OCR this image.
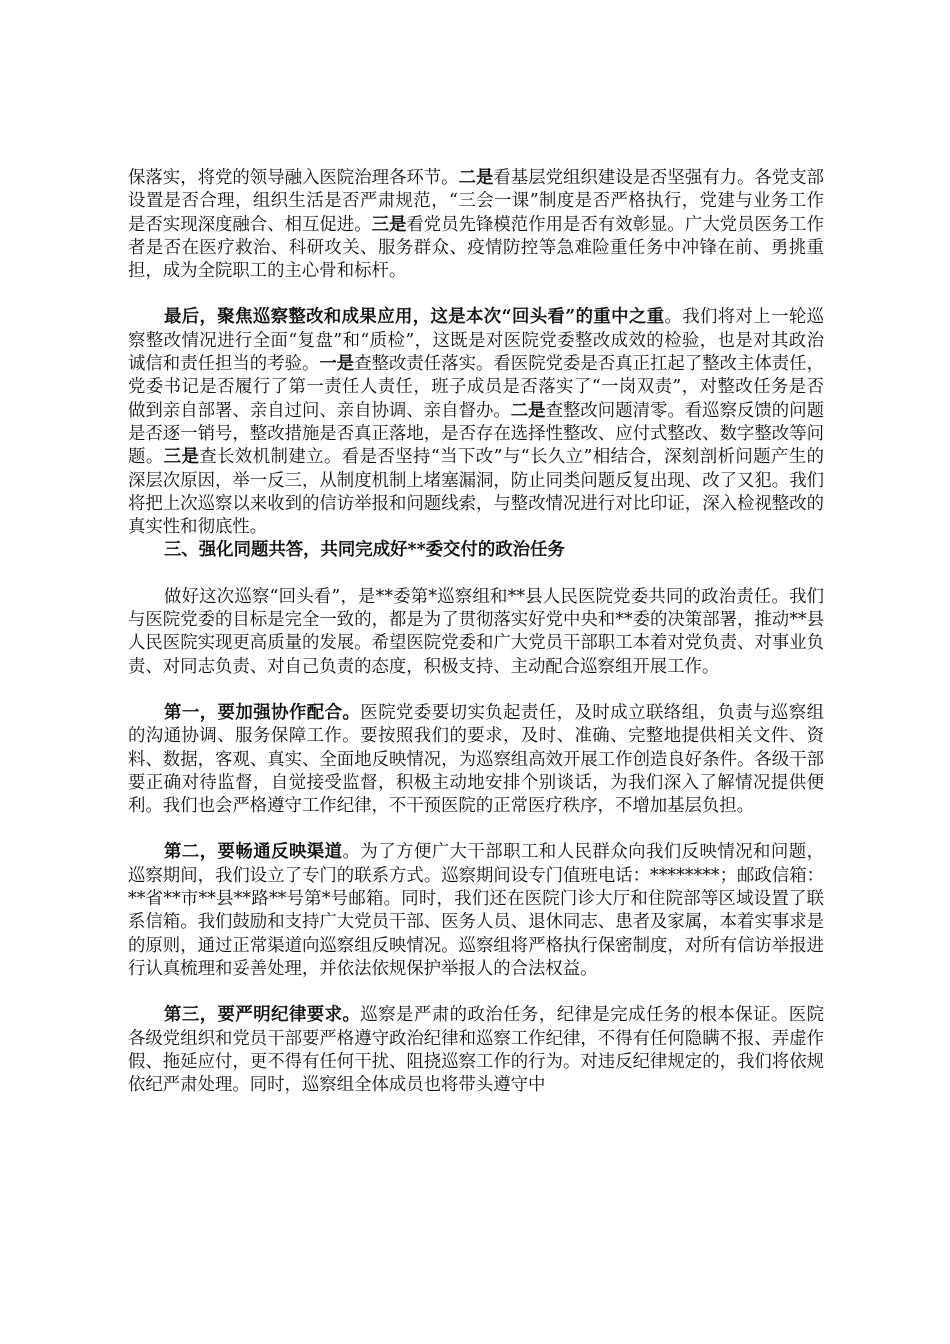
保落实，将党的领导融入医院治理各环节。二是看基层党组织建设是否坚强有力。各党支部设置是否合理，组织生活是否严肃规范，“三会一课”制度是否严格执行，党建与业务工作是否实现深度融合、相互促进。三是看党员先锋模范作用是否有效彰显。广大党员医务工作者是否在医疗救治、科研攻关、服务群众、疫情防控等急难险重任务中冲锋在前、勇挑重担，成为全院职工的主心骨和标杆。

最后，聚焦巡察整改和成果应用，这是本次“回头看”的重中之重。我们将对上一轮巡察整改情况进行全面“复盘”和“质检”，这既是对医院党委整改成效的检验，也是对其政治诚信和责任担当的考验。一是查整改责任落实。看医院党委是否真正扛起了整改主体责任，党委书记是否履行了第一责任人责任，班子成员是否落实了“一岗双责”，对整改任务是否做到亲自部署、亲自过问、亲自协调、亲自督办。二是查整改问题清零。看巡察反馈的问题是否逐一销号，整改措施是否真正落地，是否存在选择性整改、应付式整改、数字整改等问题。三是查长效机制建立。看是否坚持“当下改”与“长久立”相结合，深刻剖析问题产生的深层次原因，举一反三，从制度机制上堵塞漏洞，防止同类问题反复出现、改了又犯。我们将把上次巡察以来收到的信访举报和问题线索，与整改情况进行对比印证，深入检视整改的真实性和彻底性。

三、强化同题共答，共同完成好**委交付的政治任务

做好这次巡察“回头看”，是**委第*巡察组和**县人民医院党委共同的政治责任。我们与医院党委的目标是完全一致的，都是为了贯彻落实好党中央和**委的决策部署，推动**县人民医院实现更高质量的发展。希望医院党委和广大党员干部职工本着对党负责、对事业负责、对同志负责、对自己负责的态度，积极支持、主动配合巡察组开展工作。

第一，要加强协作配合。医院党委要切实负起责任，及时成立联络组，负责与巡察组的沟通协调、服务保障工作。要按照我们的要求，及时、准确、完整地提供相关文件、资料、数据，客观、真实、全面地反映情况，为巡察组高效开展工作创造良好条件。各级干部要正确对待监督，自觉接受监督，积极主动地安排个别谈话，为我们深入了解情况提供便利。我们也会严格遵守工作纪律，不干预医院的正常医疗秩序，不增加基层负担。

第二，要畅通反映渠道。为了方便广大干部职工和人民群众向我们反映情况和问题，巡察期间，我们设立了专门的联系方式。巡察期间设专门值班电话：********；邮政信箱：**省**市**县**路**号第*号邮箱。同时，我们还在医院门诊大厅和住院部等区域设置了联系信箱。我们鼓励和支持广大党员干部、医务人员、退休同志、患者及家属，本着实事求是的原则，通过正常渠道向巡察组反映情况。巡察组将严格执行保密制度，对所有信访举报进行认真梳理和妥善处理，并依法依规保护举报人的合法权益。

第三，要严明纪律要求。巡察是严肃的政治任务，纪律是完成任务的根本保证。医院各级党组织和党员干部要严格遵守政治纪律和巡察工作纪律，不得有任何隐瞒不报、弄虚作假、拖延应付，更不得有任何干扰、阻挠巡察工作的行为。对违反纪律规定的，我们将依规依纪严肃处理。同时，巡察组全体成员也将带头遵守中
